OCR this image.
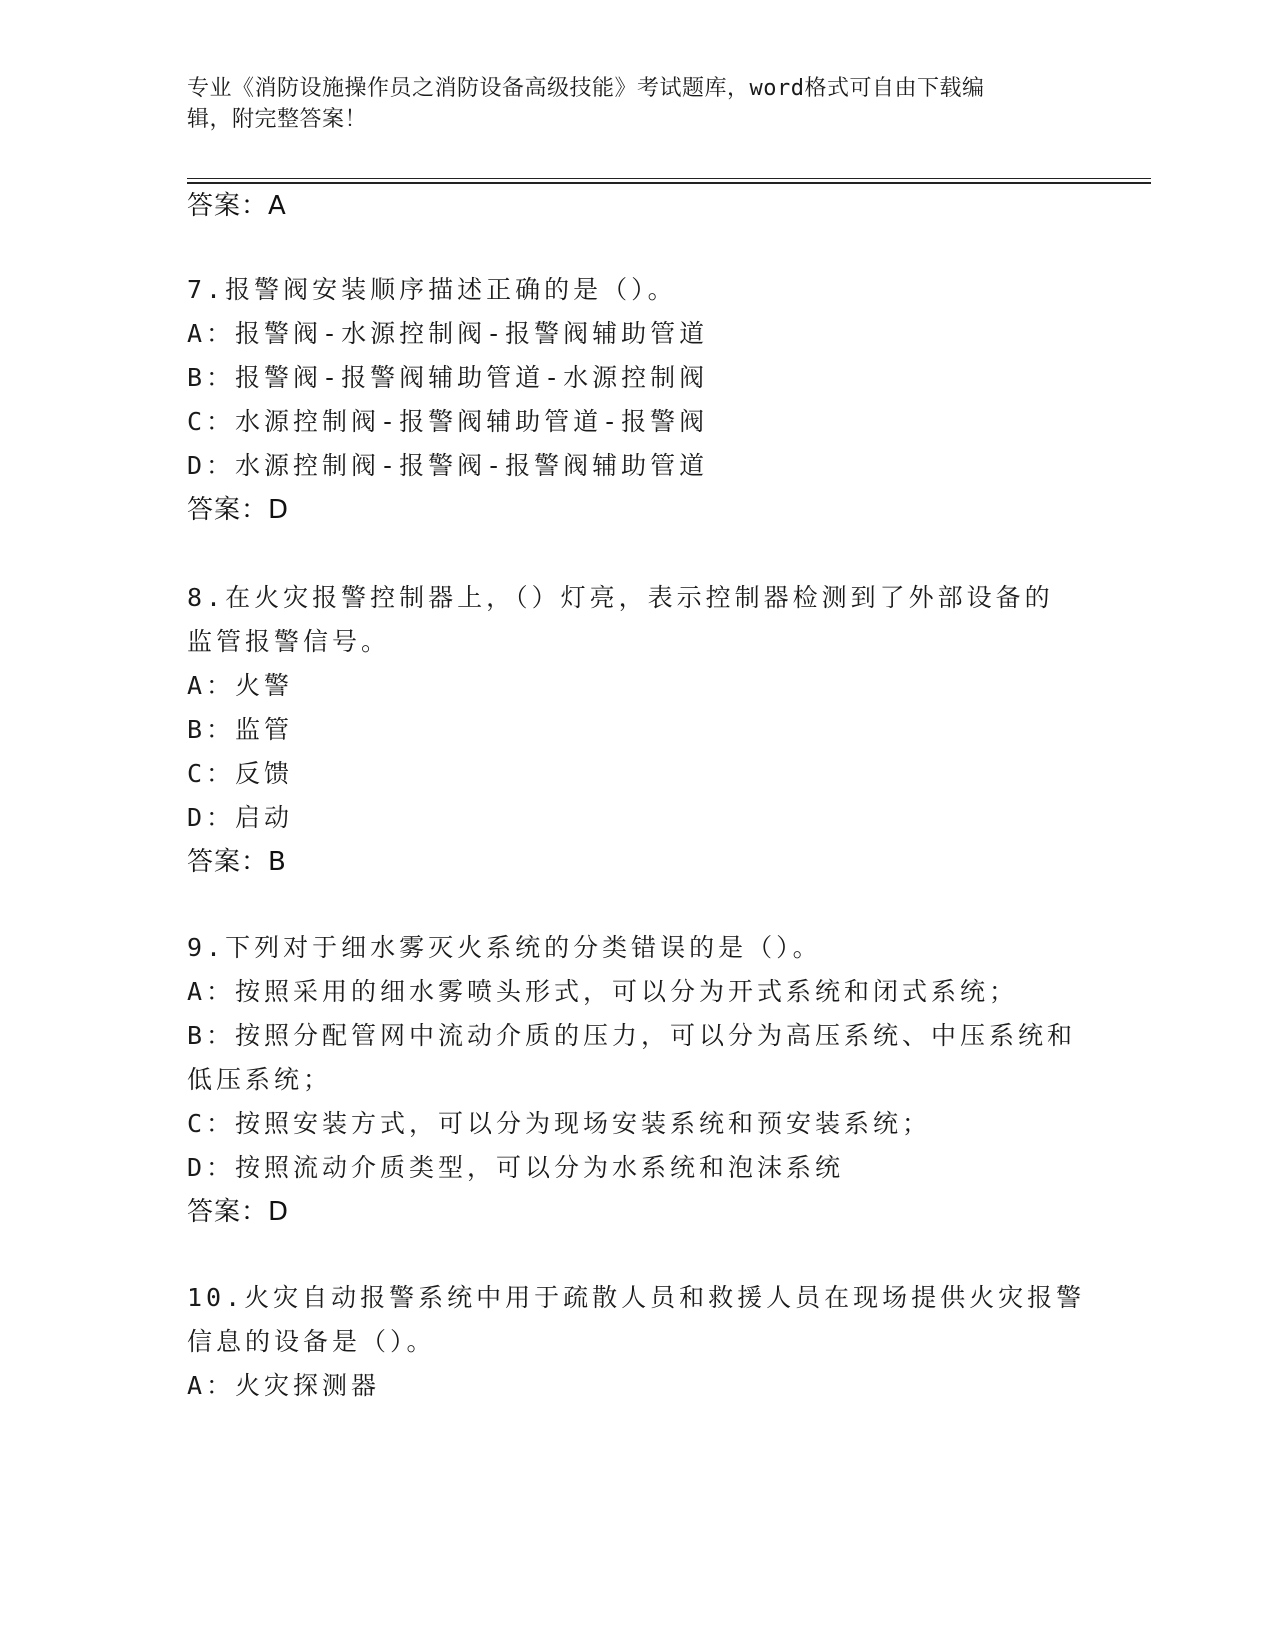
专业《消防设施操作员之消防设备高级技能》考试题库，word格式可自由下载编
辑，附完整答案！
答案：A
7.报警阀安装顺序描述正确的是（）。
A：报警阀-水源控制阀-报警阀辅助管道
B：报警阀-报警阀辅助管道-水源控制阀
C：水源控制阀-报警阀辅助管道-报警阀
D：水源控制阀-报警阀-报警阀辅助管道
答案：D
8.在火灾报警控制器上，（）灯亮，表示控制器检测到了外部设备的
监管报警信号。
A：火警
B：监管
C：反馈
D：启动
答案：B
9.下列对于细水雾灭火系统的分类错误的是（）。
A：按照采用的细水雾喷头形式，可以分为开式系统和闭式系统；
B：按照分配管网中流动介质的压力，可以分为高压系统、中压系统和
低压系统；
C：按照安装方式，可以分为现场安装系统和预安装系统；
D：按照流动介质类型，可以分为水系统和泡沫系统
答案：D
10.火灾自动报警系统中用于疏散人员和救援人员在现场提供火灾报警
信息的设备是（）。
A：火灾探测器
